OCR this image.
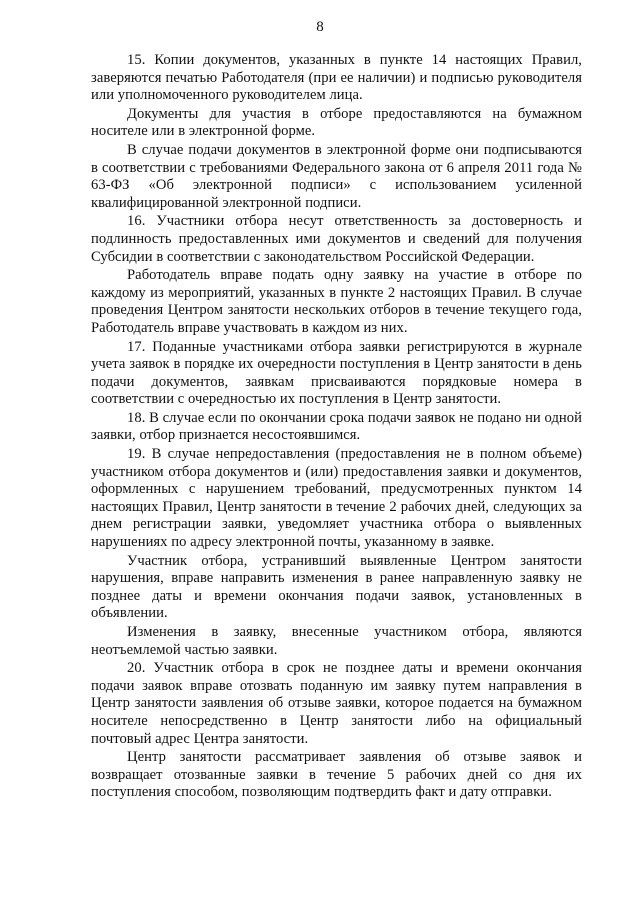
8

15. Копии документов, указанных в пункте 14 настоящих Правил, заверяются печатью Работодателя (при ее наличии) и подписью руководителя или уполномоченного руководителем лица.

Документы для участия в отборе предоставляются на бумажном носителе или в электронной форме.

В случае подачи документов в электронной форме они подписываются в соответствии с требованиями Федерального закона от 6 апреля 2011 года № 63-ФЗ «Об электронной подписи» с использованием усиленной квалифицированной электронной подписи.

16. Участники отбора несут ответственность за достоверность и подлинность предоставленных ими документов и сведений для получения Субсидии в соответствии с законодательством Российской Федерации.

Работодатель вправе подать одну заявку на участие в отборе по каждому из мероприятий, указанных в пункте 2 настоящих Правил. В случае проведения Центром занятости нескольких отборов в течение текущего года, Работодатель вправе участвовать в каждом из них.

17. Поданные участниками отбора заявки регистрируются в журнале учета заявок в порядке их очередности поступления в Центр занятости в день подачи документов, заявкам присваиваются порядковые номера в соответствии с очередностью их поступления в Центр занятости.

18. В случае если по окончании срока подачи заявок не подано ни одной заявки, отбор признается несостоявшимся.

19. В случае непредоставления (предоставления не в полном объеме) участником отбора документов и (или) предоставления заявки и документов, оформленных с нарушением требований, предусмотренных пунктом 14 настоящих Правил, Центр занятости в течение 2 рабочих дней, следующих за днем регистрации заявки, уведомляет участника отбора о выявленных нарушениях по адресу электронной почты, указанному в заявке.

Участник отбора, устранивший выявленные Центром занятости нарушения, вправе направить изменения в ранее направленную заявку не позднее даты и времени окончания подачи заявок, установленных в объявлении.

Изменения в заявку, внесенные участником отбора, являются неотъемлемой частью заявки.

20. Участник отбора в срок не позднее даты и времени окончания подачи заявок вправе отозвать поданную им заявку путем направления в Центр занятости заявления об отзыве заявки, которое подается на бумажном носителе непосредственно в Центр занятости либо на официальный почтовый адрес Центра занятости.

Центр занятости рассматривает заявления об отзыве заявок и возвращает отозванные заявки в течение 5 рабочих дней со дня их поступления способом, позволяющим подтвердить факт и дату отправки.
